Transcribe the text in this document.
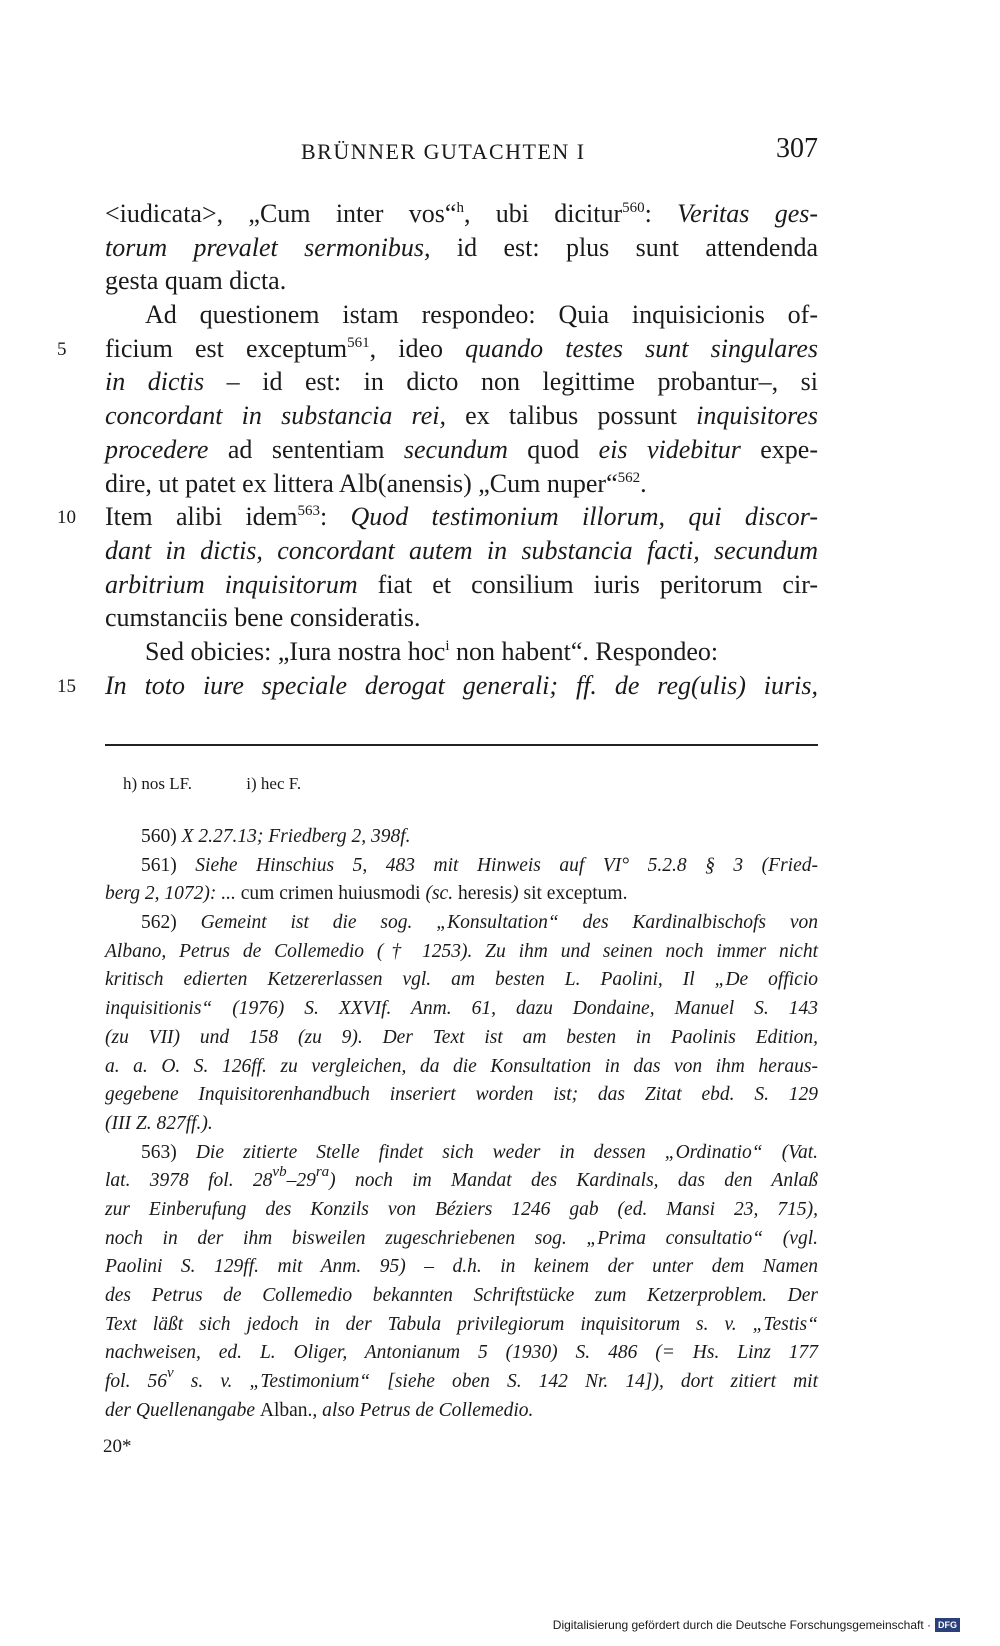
BRÜNNER GUTACHTEN I	307
<iudicata>, „Cum inter vos“$^h$, ubi dicitur$^{560}$: Veritas ges-
torum prevalet sermonibus, id est: plus sunt attendenda
gesta quam dicta.
Ad questionem istam respondeo: Quia inquisicionis of-
5	ficium est exceptum$^{561}$, ideo quando testes sunt singulares
in dictis – id est: in dicto non legittime probantur–, si
concordant in substancia rei, ex talibus possunt inquisitores
procedere ad sententiam secundum quod eis videbitur expe-
dire, ut patet ex littera Alb(anensis) „Cum nuper“$^{562}$.
10	Item alibi idem$^{563}$: Quod testimonium illorum, qui discor-
dant in dictis, concordant autem in substancia facti, secundum
arbitrium inquisitorum fiat et consilium iuris peritorum cir-
cumstanciis bene consideratis.
Sed obicies: „Iura nostra hoc$^i$ non habent“. Respondeo:
15	In toto iure speciale derogat generali; ff. de reg(ulis) iuris,
h) nos LF.	i) hec F.
560) X 2.27.13; Friedberg 2, 398f.
561) Siehe Hinschius 5, 483 mit Hinweis auf VI° 5.2.8 § 3 (Fried-
berg 2, 1072): ... cum crimen huiusmodi (sc. heresis) sit exceptum.
562) Gemeint ist die sog. „Konsultation“ des Kardinalbischofs von
Albano, Petrus de Collemedio († 1253). Zu ihm und seinen noch immer nicht
kritisch edierten Ketzererlassen vgl. am besten L. Paolini, Il „De officio
inquisitionis“ (1976) S. XXVIf. Anm. 61, dazu Dondaine, Manuel S. 143
(zu VII) und 158 (zu 9). Der Text ist am besten in Paolinis Edition,
a. a. O. S. 126ff. zu vergleichen, da die Konsultation in das von ihm heraus-
gegebene Inquisitorenhandbuch inseriert worden ist; das Zitat ebd. S. 129
(III Z. 827ff.).
563) Die zitierte Stelle findet sich weder in dessen „Ordinatio“ (Vat.
lat. 3978 fol. $28^{vb}-29^{ra}$) noch im Mandat des Kardinals, das den Anlaß
zur Einberufung des Konzils von Béziers 1246 gab (ed. Mansi 23, 715),
noch in der ihm bisweilen zugeschriebenen sog. „Prima consultatio“ (vgl.
Paolini S. 129ff. mit Anm. 95) – d.h. in keinem der unter dem Namen
des Petrus de Collemedio bekannten Schriftstücke zum Ketzerproblem. Der
Text läßt sich jedoch in der Tabula privilegiorum inquisitorum s. v. „Testis“
nachweisen, ed. L. Oliger, Antonianum 5 (1930) S. 486 (= Hs. Linz 177
fol. 56$^v$ s. v. „Testimonium“ [siehe oben S. 142 Nr. 14]), dort zitiert mit
der Quellenangabe Alban., also Petrus de Collemedio.
20*
Digitalisierung gefördert durch die Deutsche Forschungsgemeinschaft · DFG
